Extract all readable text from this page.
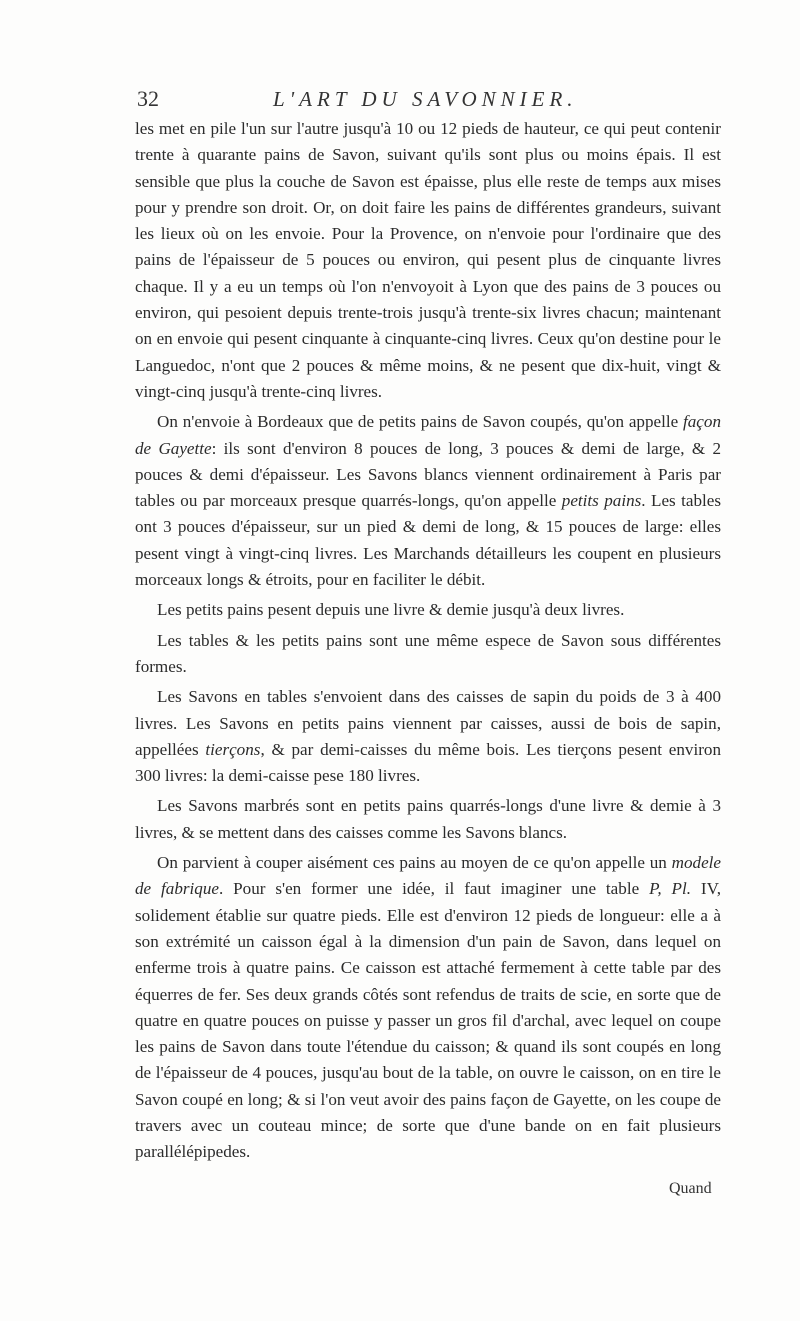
32	L'ART DU SAVONNIER.

les met en pile l'un sur l'autre jusqu'à 10 ou 12 pieds de hauteur, ce qui peut contenir trente à quarante pains de Savon, suivant qu'ils sont plus ou moins épais. Il est sensible que plus la couche de Savon est épaisse, plus elle reste de temps aux mises pour y prendre son droit. Or, on doit faire les pains de différentes grandeurs, suivant les lieux où on les envoie. Pour la Provence, on n'envoie pour l'ordinaire que des pains de l'épaisseur de 5 pouces ou environ, qui pesent plus de cinquante livres chaque. Il y a eu un temps où l'on n'envoyoit à Lyon que des pains de 3 pouces ou environ, qui pesoient depuis trente-trois jusqu'à trente-six livres chacun; maintenant on en envoie qui pesent cinquante à cinquante-cinq livres. Ceux qu'on destine pour le Languedoc, n'ont que 2 pouces & même moins, & ne pesent que dix-huit, vingt & vingt-cinq jusqu'à trente-cinq livres.

On n'envoie à Bordeaux que de petits pains de Savon coupés, qu'on appelle façon de Gayette: ils sont d'environ 8 pouces de long, 3 pouces & demi de large, & 2 pouces & demi d'épaisseur. Les Savons blancs viennent ordinairement à Paris par tables ou par morceaux presque quarrés-longs, qu'on appelle petits pains. Les tables ont 3 pouces d'épaisseur, sur un pied & demi de long, & 15 pouces de large: elles pesent vingt à vingt-cinq livres. Les Marchands détailleurs les coupent en plusieurs morceaux longs & étroits, pour en faciliter le débit.

Les petits pains pesent depuis une livre & demie jusqu'à deux livres.

Les tables & les petits pains sont une même espece de Savon sous différentes formes.

Les Savons en tables s'envoient dans des caisses de sapin du poids de 3 à 400 livres. Les Savons en petits pains viennent par caisses, aussi de bois de sapin, appellées tierçons, & par demi-caisses du même bois. Les tierçons pesent environ 300 livres: la demi-caisse pese 180 livres.

Les Savons marbrés sont en petits pains quarrés-longs d'une livre & demie à 3 livres, & se mettent dans des caisses comme les Savons blancs.

On parvient à couper aisément ces pains au moyen de ce qu'on appelle un modele de fabrique. Pour s'en former une idée, il faut imaginer une table P, Pl. IV, solidement établie sur quatre pieds. Elle est d'environ 12 pieds de longueur: elle a à son extrémité un caisson égal à la dimension d'un pain de Savon, dans lequel on enferme trois à quatre pains. Ce caisson est attaché fermement à cette table par des équerres de fer. Ses deux grands côtés sont refendus de traits de scie, en sorte que de quatre en quatre pouces on puisse y passer un gros fil d'archal, avec lequel on coupe les pains de Savon dans toute l'étendue du caisson; & quand ils sont coupés en long de l'épaisseur de 4 pouces, jusqu'au bout de la table, on ouvre le caisson, on en tire le Savon coupé en long; & si l'on veut avoir des pains façon de Gayette, on les coupe de travers avec un couteau mince; de sorte que d'une bande on en fait plusieurs parallélépipedes.

Quand
